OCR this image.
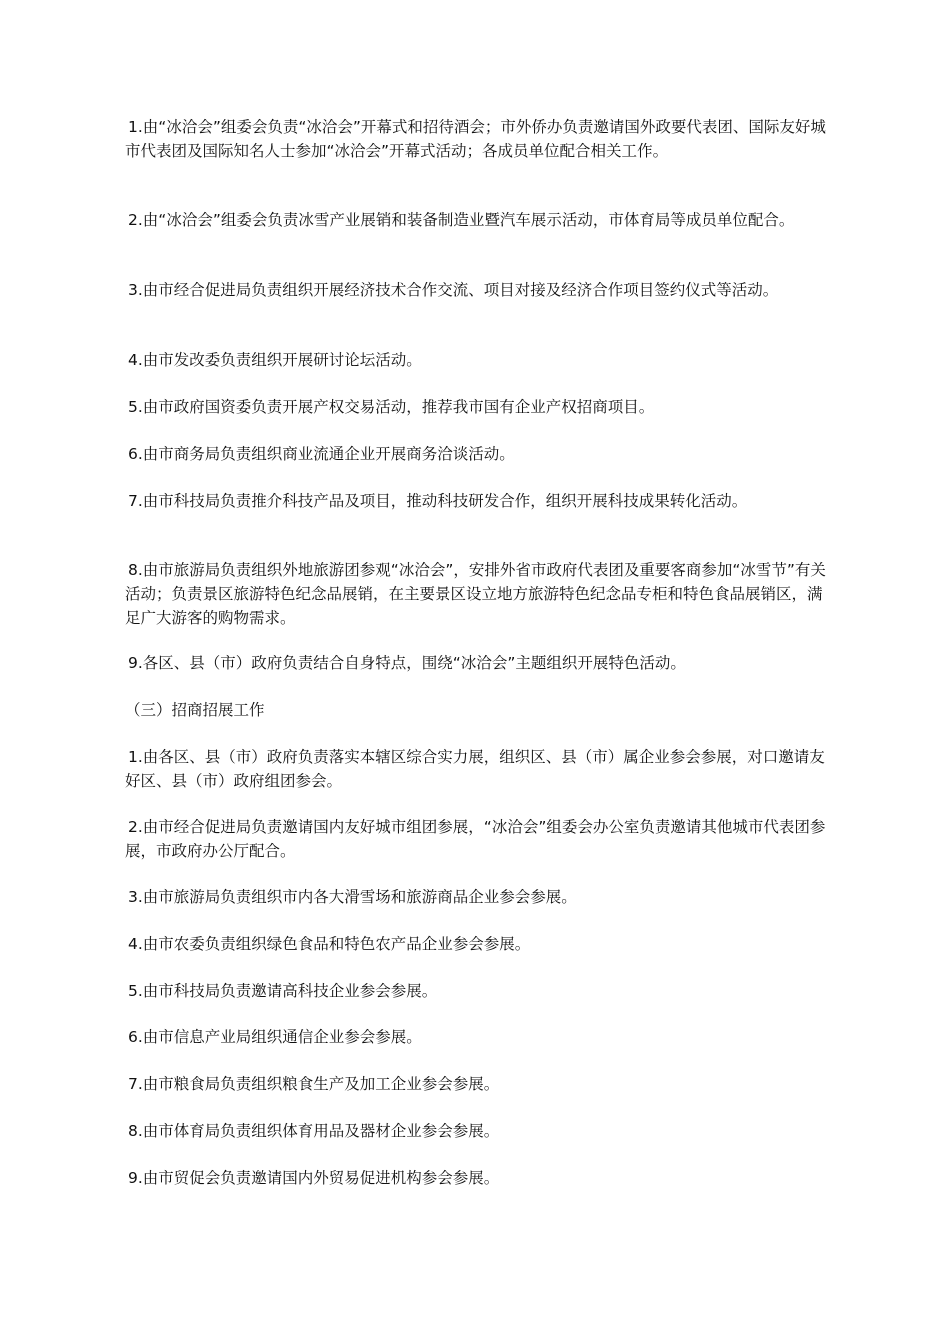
1.由“冰洽会”组委会负责“冰洽会”开幕式和招待酒会；市外侨办负责邀请国外政要代表团、国际友好城市代表团及国际知名人士参加“冰洽会”开幕式活动；各成员单位配合相关工作。

2.由“冰洽会”组委会负责冰雪产业展销和装备制造业暨汽车展示活动，市体育局等成员单位配合。

3.由市经合促进局负责组织开展经济技术合作交流、项目对接及经济合作项目签约仪式等活动。

4.由市发改委负责组织开展研讨论坛活动。

5.由市政府国资委负责开展产权交易活动，推荐我市国有企业产权招商项目。

6.由市商务局负责组织商业流通企业开展商务洽谈活动。

7.由市科技局负责推介科技产品及项目，推动科技研发合作，组织开展科技成果转化活动。

8.由市旅游局负责组织外地旅游团参观“冰洽会”，安排外省市政府代表团及重要客商参加“冰雪节”有关活动；负责景区旅游特色纪念品展销，在主要景区设立地方旅游特色纪念品专柜和特色食品展销区，满足广大游客的购物需求。

9.各区、县（市）政府负责结合自身特点，围绕“冰洽会”主题组织开展特色活动。

（三）招商招展工作

1.由各区、县（市）政府负责落实本辖区综合实力展，组织区、县（市）属企业参会参展，对口邀请友好区、县（市）政府组团参会。

2.由市经合促进局负责邀请国内友好城市组团参展，“冰洽会”组委会办公室负责邀请其他城市代表团参展，市政府办公厅配合。

3.由市旅游局负责组织市内各大滑雪场和旅游商品企业参会参展。

4.由市农委负责组织绿色食品和特色农产品企业参会参展。

5.由市科技局负责邀请高科技企业参会参展。

6.由市信息产业局组织通信企业参会参展。

7.由市粮食局负责组织粮食生产及加工企业参会参展。

8.由市体育局负责组织体育用品及器材企业参会参展。

9.由市贸促会负责邀请国内外贸易促进机构参会参展。
